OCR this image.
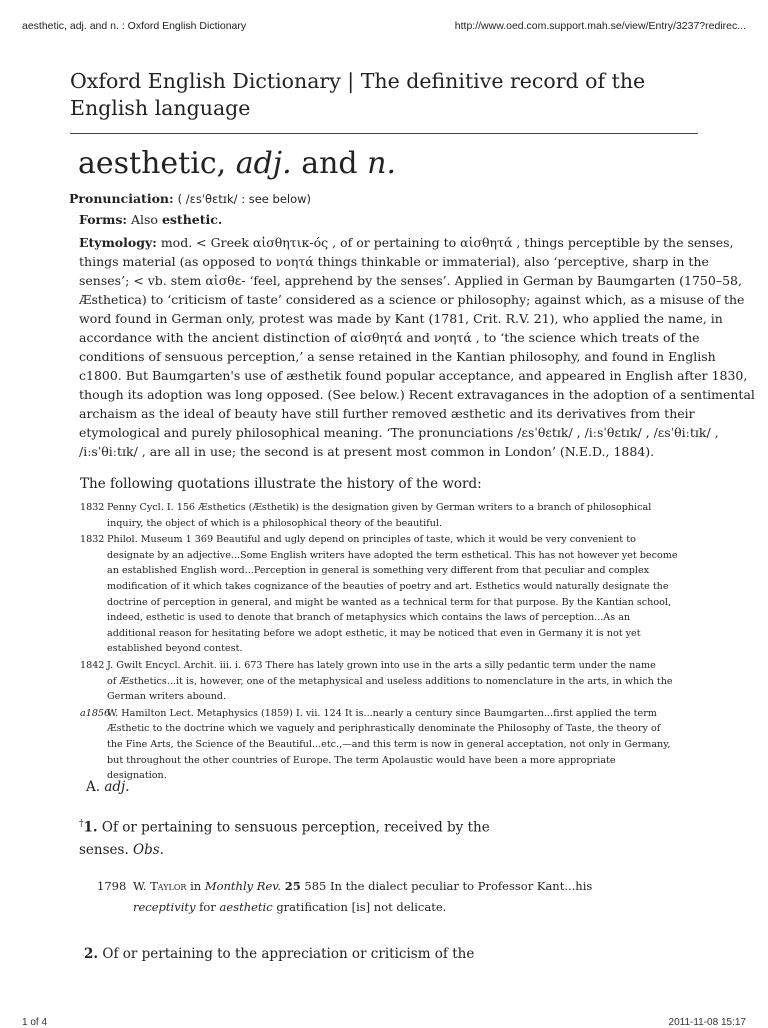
aesthetic, adj. and n. : Oxford English Dictionary	http://www.oed.com.support.mah.se/view/Entry/3237?redirec...
Oxford English Dictionary | The definitive record of the English language
aesthetic, adj. and n.
Pronunciation: ( /ɛsˈθɛtɪk/ : see below)
Forms: Also esthetic.
Etymology: mod. < Greek αἰσθητικ-ός , of or pertaining to αἰσθητά , things perceptible by the senses,
things material (as opposed to νοητά things thinkable or immaterial), also ‘perceptive, sharp in the
senses’; < vb. stem αἰσθε- ‘feel, apprehend by the senses’. Applied in German by Baumgarten (1750–58,
Æsthetica) to ‘criticism of taste’ considered as a science or philosophy; against which, as a misuse of the
word found in German only, protest was made by Kant (1781, Crit. R.V. 21), who applied the name, in
accordance with the ancient distinction of αἰσθητά and νοητά , to ‘the science which treats of the
conditions of sensuous perception,’ a sense retained in the Kantian philosophy, and found in English
c1800. But Baumgarten's use of æsthetik found popular acceptance, and appeared in English after 1830,
though its adoption was long opposed. (See below.) Recent extravagances in the adoption of a sentimental
archaism as the ideal of beauty have still further removed æsthetic and its derivatives from their
etymological and purely philosophical meaning. ‘The pronunciations /ɛsˈθɛtɪk/ , /iːsˈθɛtɪk/ , /ɛsˈθiːtɪk/ ,
/iːsˈθiːtɪk/ , are all in use; the second is at present most common in London’ (N.E.D., 1884).
The following quotations illustrate the history of the word:
1832 Penny Cycl. I. 156 Æsthetics (Æsthetik) is the designation given by German writers to a branch of philosophical
inquiry, the object of which is a philosophical theory of the beautiful.
1832 Philol. Museum 1 369 Beautiful and ugly depend on principles of taste, which it would be very convenient to
designate by an adjective...Some English writers have adopted the term esthetical. This has not however yet become
an established English word...Perception in general is something very different from that peculiar and complex
modification of it which takes cognizance of the beauties of poetry and art. Esthetics would naturally designate the
doctrine of perception in general, and might be wanted as a technical term for that purpose. By the Kantian school,
indeed, esthetic is used to denote that branch of metaphysics which contains the laws of perception...As an
additional reason for hesitating before we adopt esthetic, it may be noticed that even in Germany it is not yet
established beyond contest.
1842 J. Gwilt Encycl. Archit. iii. i. 673 There has lately grown into use in the arts a silly pedantic term under the name
of Æsthetics...it is, however, one of the metaphysical and useless additions to nomenclature in the arts, in which the
German writers abound.
a1856
W. Hamilton Lect. Metaphysics (1859) I. vii. 124 It is...nearly a century since Baumgarten...first applied the term
Æsthetic to the doctrine which we vaguely and periphrastically denominate the Philosophy of Taste, the theory of
the Fine Arts, the Science of the Beautiful...etc.,—and this term is now in general acceptation, not only in Germany,
but throughout the other countries of Europe. The term Apolaustic would have been a more appropriate
designation.
A. adj.
†1. Of or pertaining to sensuous perception, received by the
senses. Obs.
1798 W. Taylor in Monthly Rev. 25 585 In the dialect peculiar to Professor Kant...his
receptivity for aesthetic gratification [is] not delicate.
2. Of or pertaining to the appreciation or criticism of the
1 of 4	2011-11-08 15:17
